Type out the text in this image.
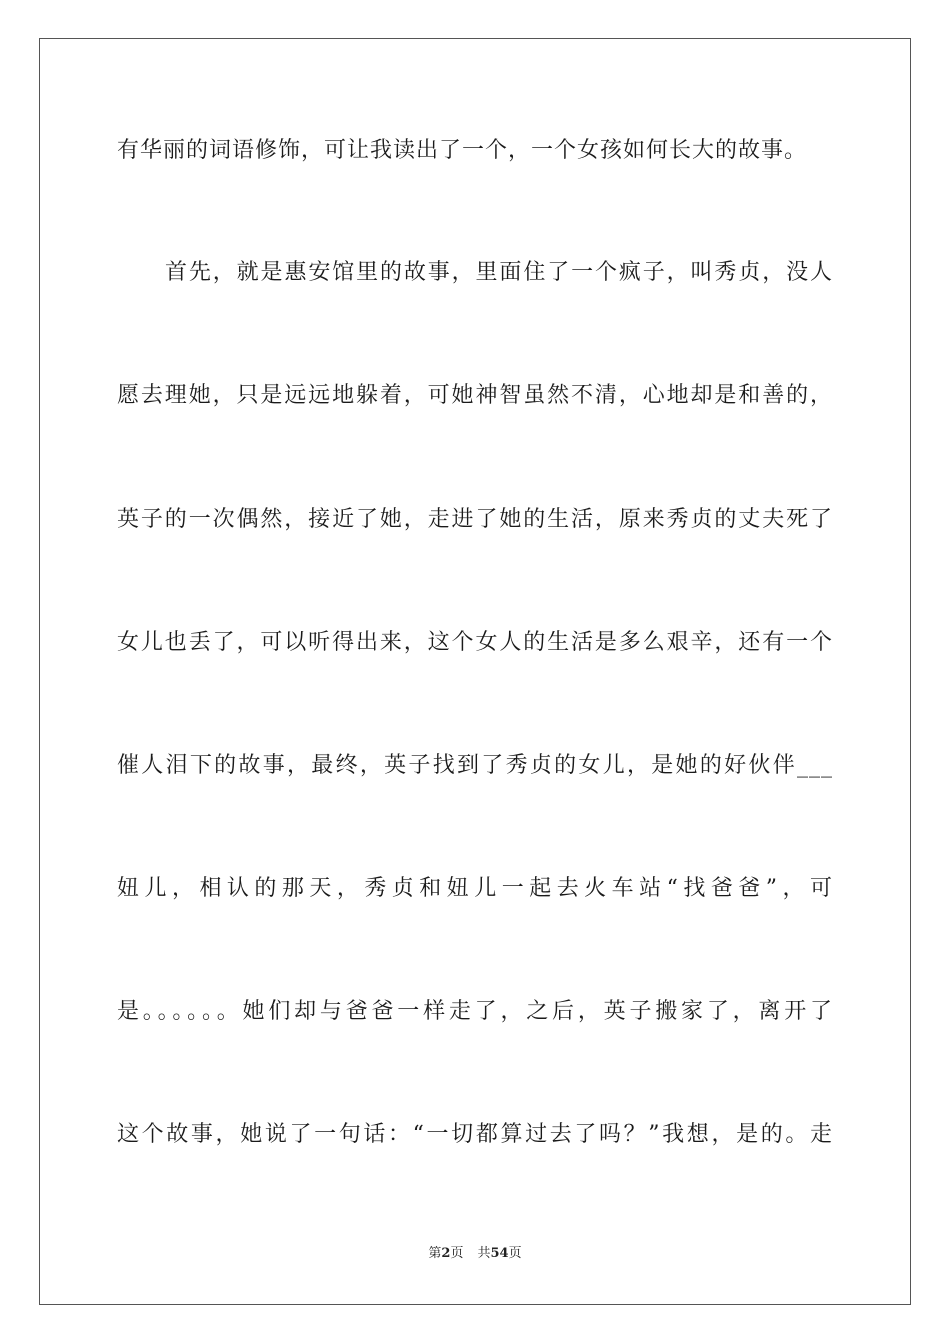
有华丽的词语修饰，可让我读出了一个，一个女孩如何长大的故事。
首先，就是惠安馆里的故事，里面住了一个疯子，叫秀贞，没人
愿去理她，只是远远地躲着，可她神智虽然不清，心地却是和善的，
英子的一次偶然，接近了她，走进了她的生活，原来秀贞的丈夫死了
女儿也丢了，可以听得出来，这个女人的生活是多么艰辛，还有一个
催人泪下的故事，最终，英子找到了秀贞的女儿，是她的好伙伴___
妞儿，相认的那天，秀贞和妞儿一起去火车站“找爸爸”，可
是。。。。。。她们却与爸爸一样走了，之后，英子搬家了，离开了
这个故事，她说了一句话：“一切都算过去了吗？”我想，是的。走
第2页 共54页
